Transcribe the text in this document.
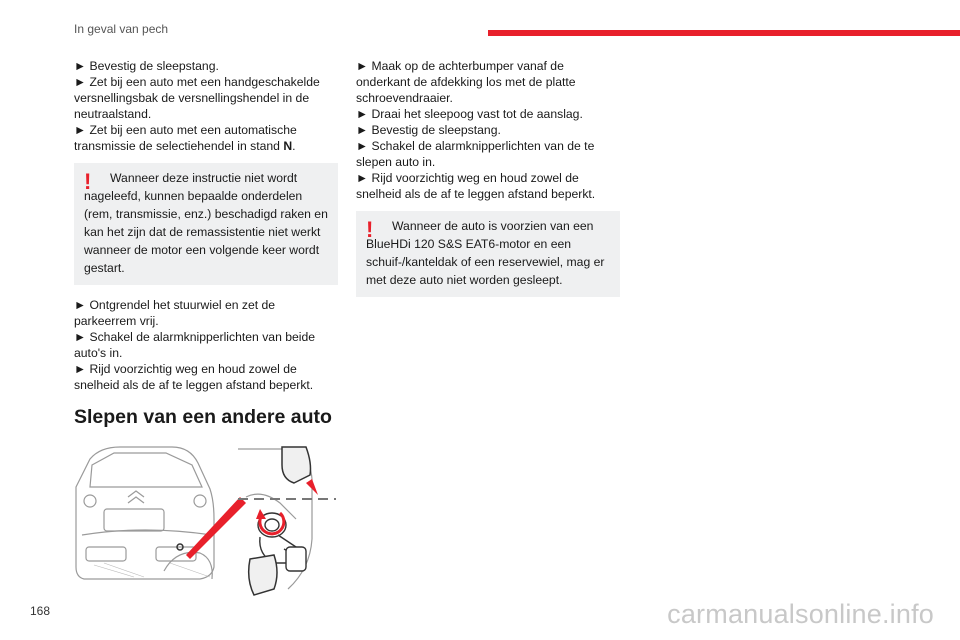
In geval van pech

► Bevestig de sleepstang.

► Zet bij een auto met een handgeschakelde versnellingsbak de versnellingshendel in de neutraalstand.

► Zet bij een auto met een automatische transmissie de selectiehendel in stand N.

!	Wanneer deze instructie niet wordt nageleefd, kunnen bepaalde onderdelen (rem, transmissie, enz.) beschadigd raken en kan het zijn dat de remassistentie niet werkt wanneer de motor een volgende keer wordt gestart.

► Ontgrendel het stuurwiel en zet de parkeerrem vrij.

► Schakel de alarmknipperlichten van beide auto's in.

► Rijd voorzichtig weg en houd zowel de snelheid als de af te leggen afstand beperkt.

Slepen van een andere auto

► Maak op de achterbumper vanaf de onderkant de afdekking los met de platte schroevendraaier.

► Draai het sleepoog vast tot de aanslag.

► Bevestig de sleepstang.

► Schakel de alarmknipperlichten van de te slepen auto in.

► Rijd voorzichtig weg en houd zowel de snelheid als de af te leggen afstand beperkt.

!	Wanneer de auto is voorzien van een BlueHDi 120 S&S EAT6-motor en een schuif-/kanteldak of een reservewiel, mag er met deze auto niet worden gesleept.
168	carmanualsonline.info
